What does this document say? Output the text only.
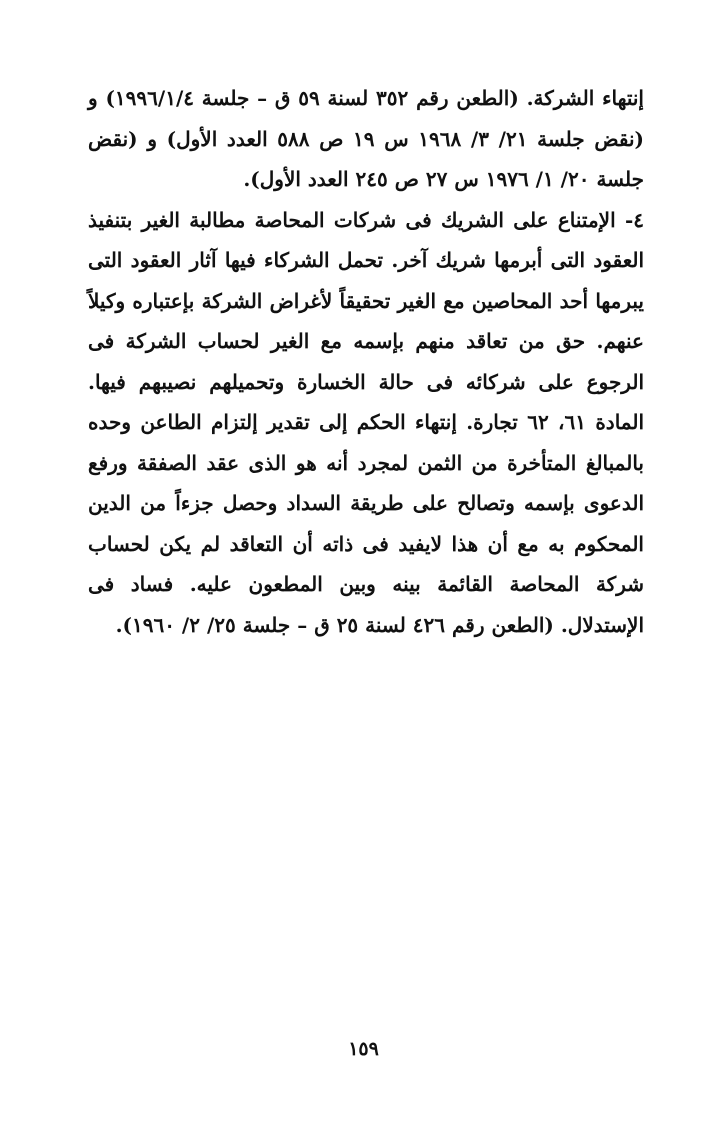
إنتهاء الشركة. (الطعن رقم ٣٥٢ لسنة ٥٩ ق – جلسة ١٩٩٦/١/٤) و (نقض جلسة ٢١/ ٣/ ١٩٦٨ س ١٩ ص ٥٨٨ العدد الأول) و (نقض جلسة ٢٠/ ١/ ١٩٧٦ س ٢٧ ص ٢٤٥ العدد الأول).

٤- الإمتناع على الشريك فى شركات المحاصة مطالبة الغير بتنفيذ العقود التى أبرمها شريك آخر. تحمل الشركاء فيها آثار العقود التى يبرمها أحد المحاصين مع الغير تحقيقاً لأغراض الشركة بإعتباره وكيلاً عنهم. حق من تعاقد منهم بإسمه مع الغير لحساب الشركة فى الرجوع على شركائه فى حالة الخسارة وتحميلهم نصيبهم فيها. المادة ٦١، ٦٢ تجارة. إنتهاء الحكم إلى تقدير إلتزام الطاعن وحده بالمبالغ المتأخرة من الثمن لمجرد أنه هو الذى عقد الصفقة ورفع الدعوى بإسمه وتصالح على طريقة السداد وحصل جزءاً من الدين المحكوم به مع أن هذا لايفيد فى ذاته أن التعاقد لم يكن لحساب شركة المحاصة القائمة بينه وبين المطعون عليه. فساد فى الإستدلال. (الطعن رقم ٤٢٦ لسنة ٢٥ ق – جلسة ٢٥/ ٢/ ١٩٦٠).

١٥٩
